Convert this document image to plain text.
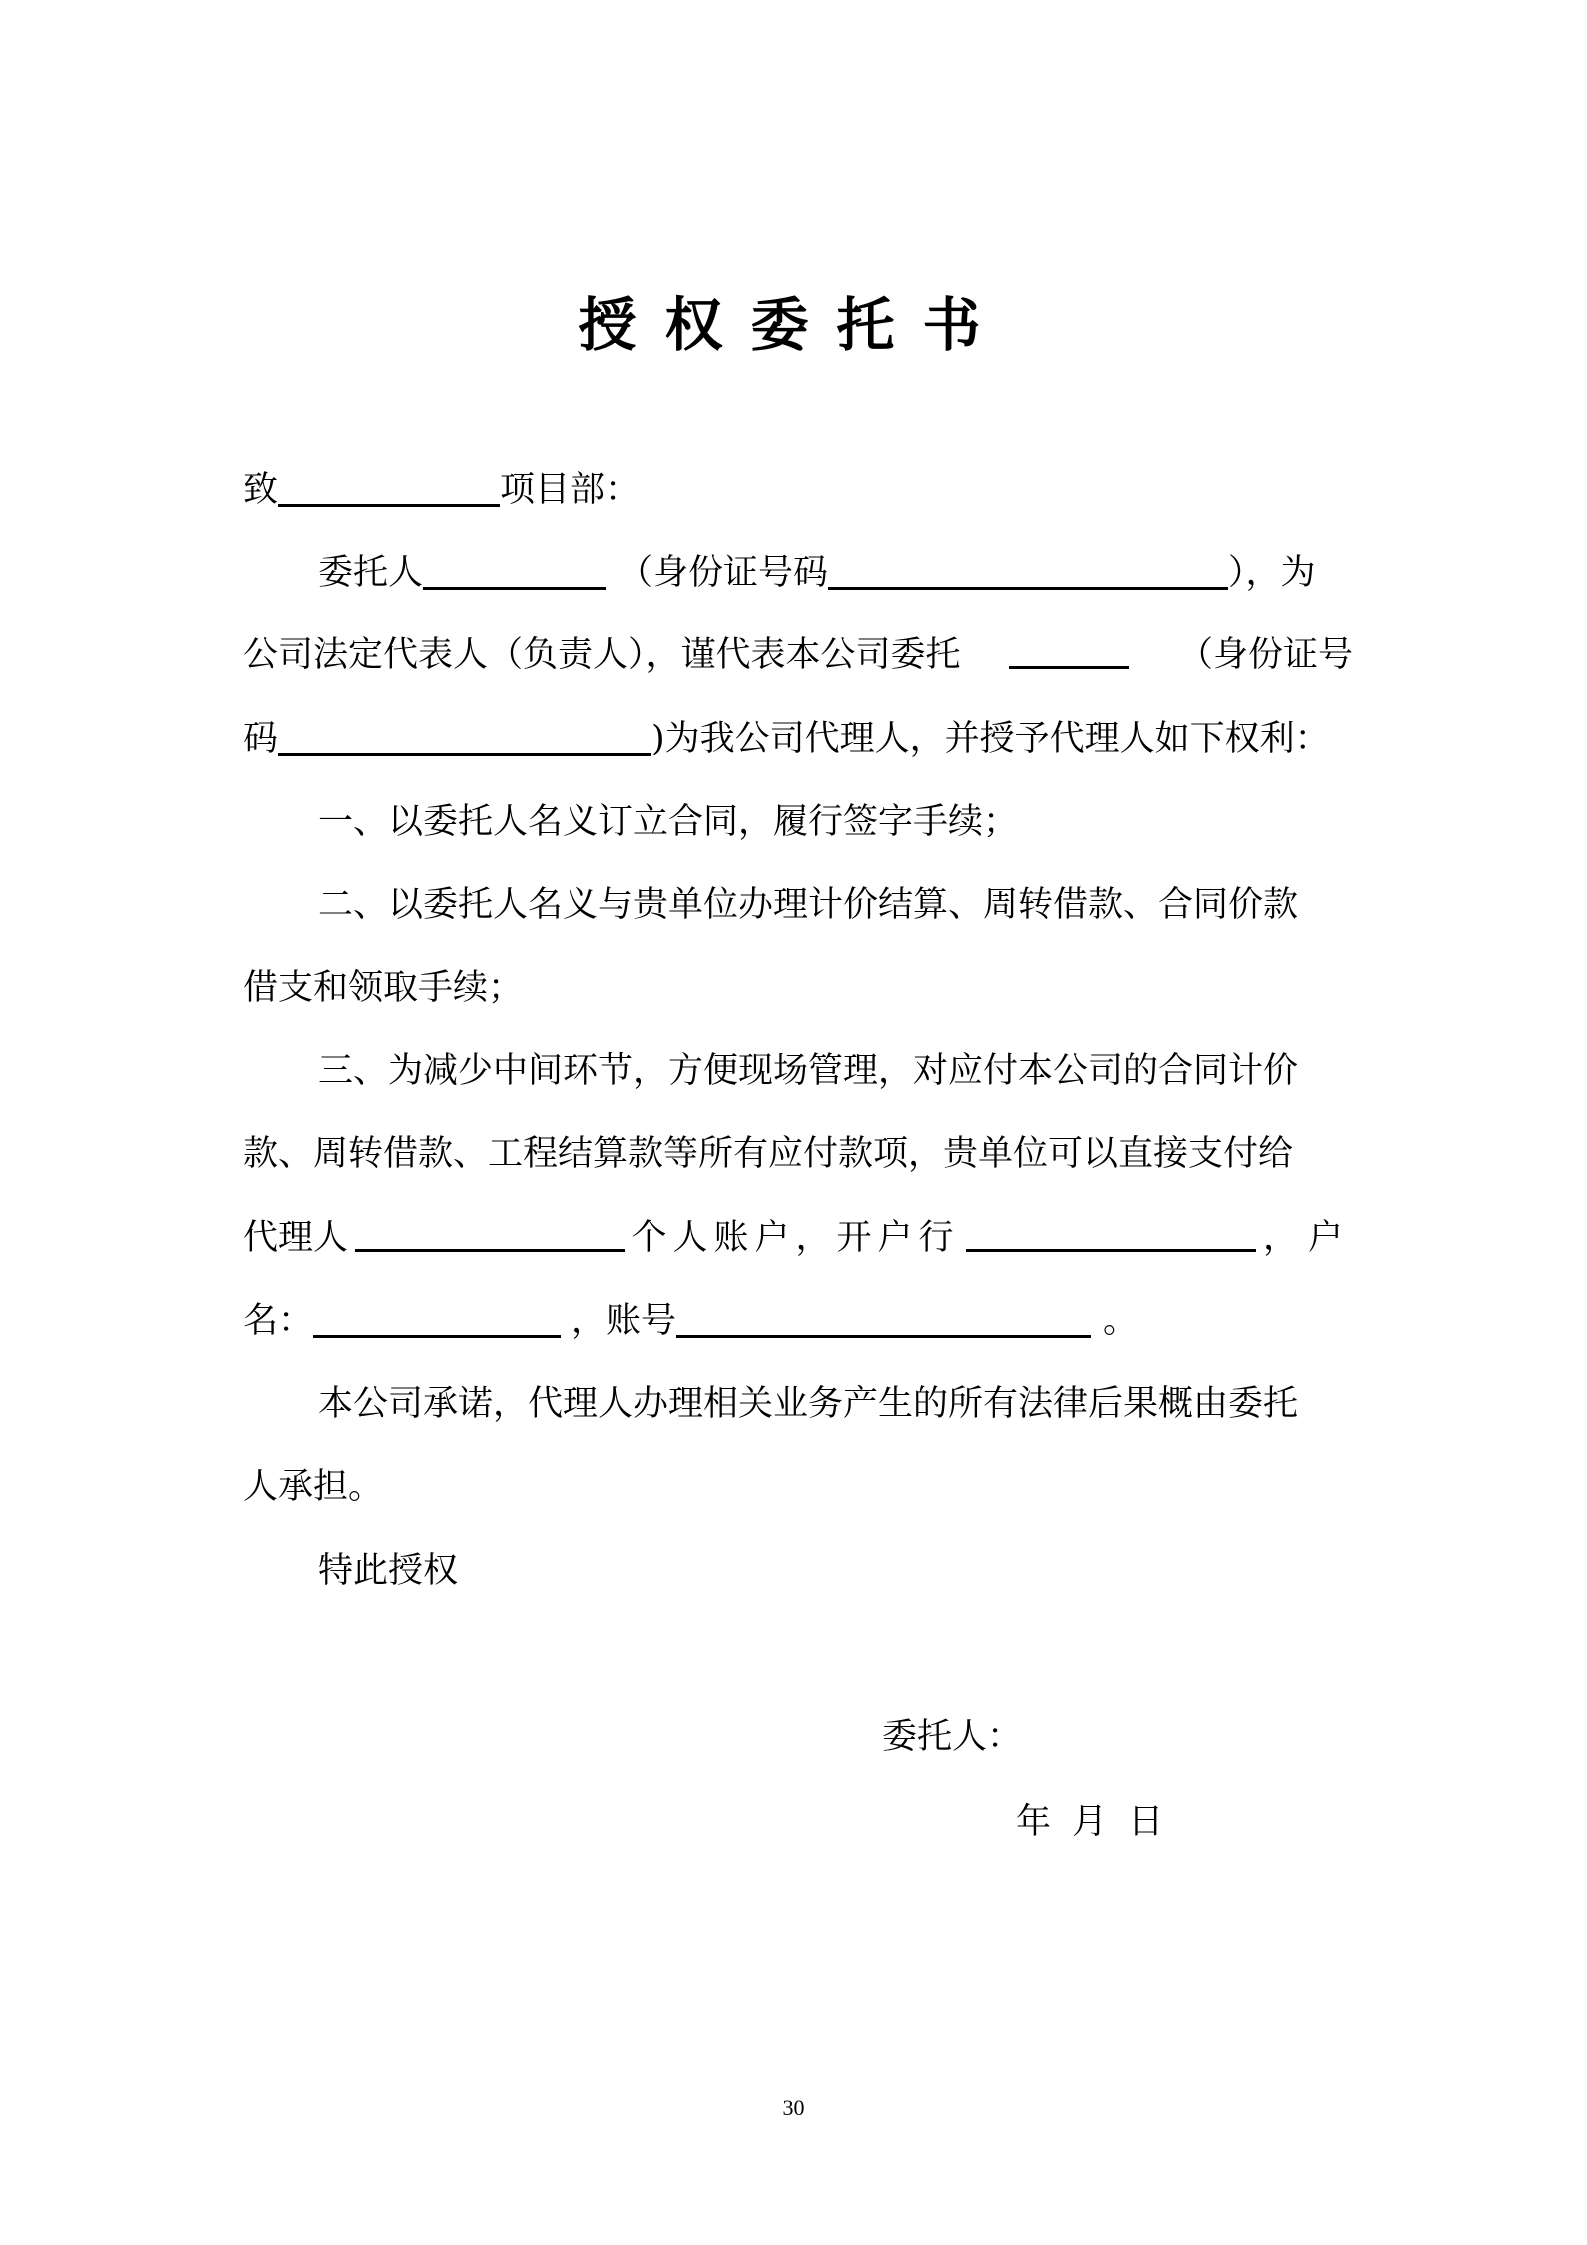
授权委托书
致	项目部：
委托人	（身份证号码	），为
公司法定代表人（负责人），谨代表本公司委托	（身份证号
码	)为我公司代理人，并授予代理人如下权利：
一、以委托人名义订立合同，履行签字手续；
二、以委托人名义与贵单位办理计价结算、周转借款、合同价款
借支和领取手续；
三、为减少中间环节，方便现场管理，对应付本公司的合同计价
款、周转借款、工程结算款等所有应付款项，贵单位可以直接支付给
代理人	个人账户，开户行	，户
名：	，账号	。
本公司承诺，代理人办理相关业务产生的所有法律后果概由委托
人承担。
特此授权
委托人：
年 月 日
30
